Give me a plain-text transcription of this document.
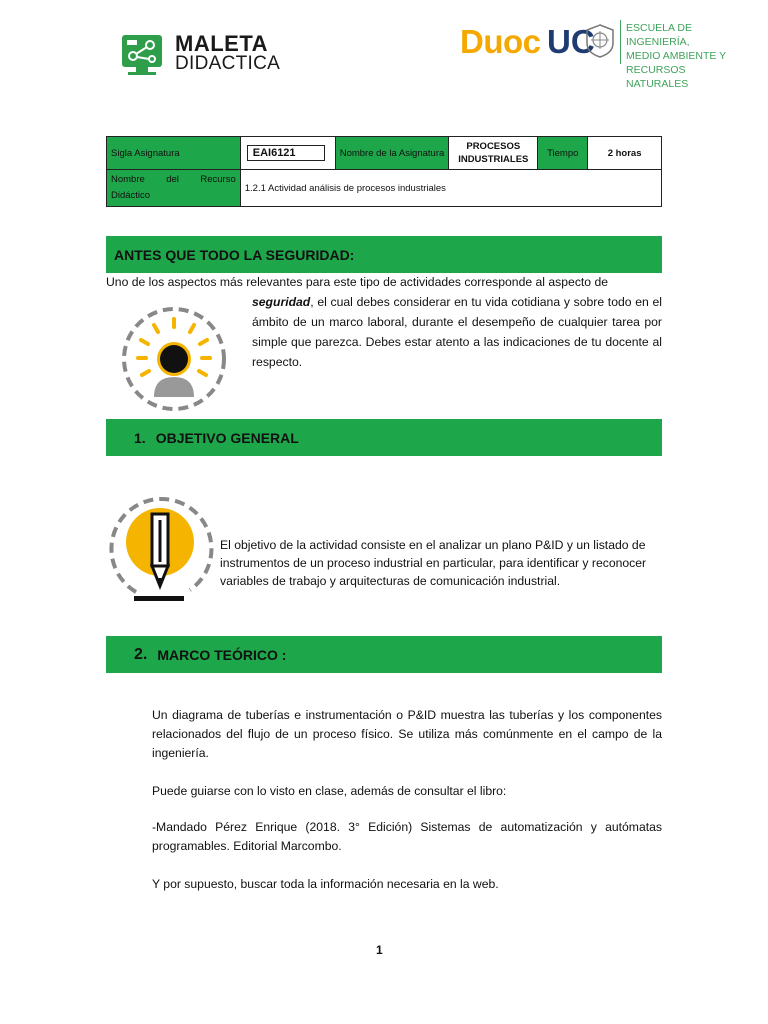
MALETA
DIDACTICA
Duoc UC	ESCUELA DE INGENIERÍA,
MEDIO AMBIENTE Y
RECURSOS NATURALES
Sigla Asignatura	EAI6121	Nombre de la Asignatura	PROCESOS INDUSTRIALES	Tiempo	2 horas

Nombre del Recurso
Didáctico	1.2.1 Actividad análisis de procesos industriales				
ANTES QUE TODO LA SEGURIDAD:
Uno de los aspectos más relevantes para este tipo de actividades corresponde al aspecto de
seguridad, el cual debes considerar en tu vida cotidiana y sobre todo en el ámbito de un marco laboral, durante el desempeño de cualquier tarea por simple que parezca. Debes estar atento a las indicaciones de tu docente al respecto.
1. OBJETIVO GENERAL
El objetivo de la actividad consiste en el analizar un plano P&ID y un listado de instrumentos de un proceso industrial en particular, para identificar y reconocer variables de trabajo y arquitecturas de comunicación industrial.
2. MARCO TEÓRICO :
Un diagrama de tuberías e instrumentación o P&ID muestra las tuberías y los componentes relacionados del flujo de un proceso físico. Se utiliza más comúnmente en el campo de la ingeniería.
Puede guiarse con lo visto en clase, además de consultar el libro:
-Mandado Pérez Enrique (2018. 3° Edición) Sistemas de automatización y autómatas programables. Editorial Marcombo.
Y por supuesto, buscar toda la información necesaria en la web.
1
